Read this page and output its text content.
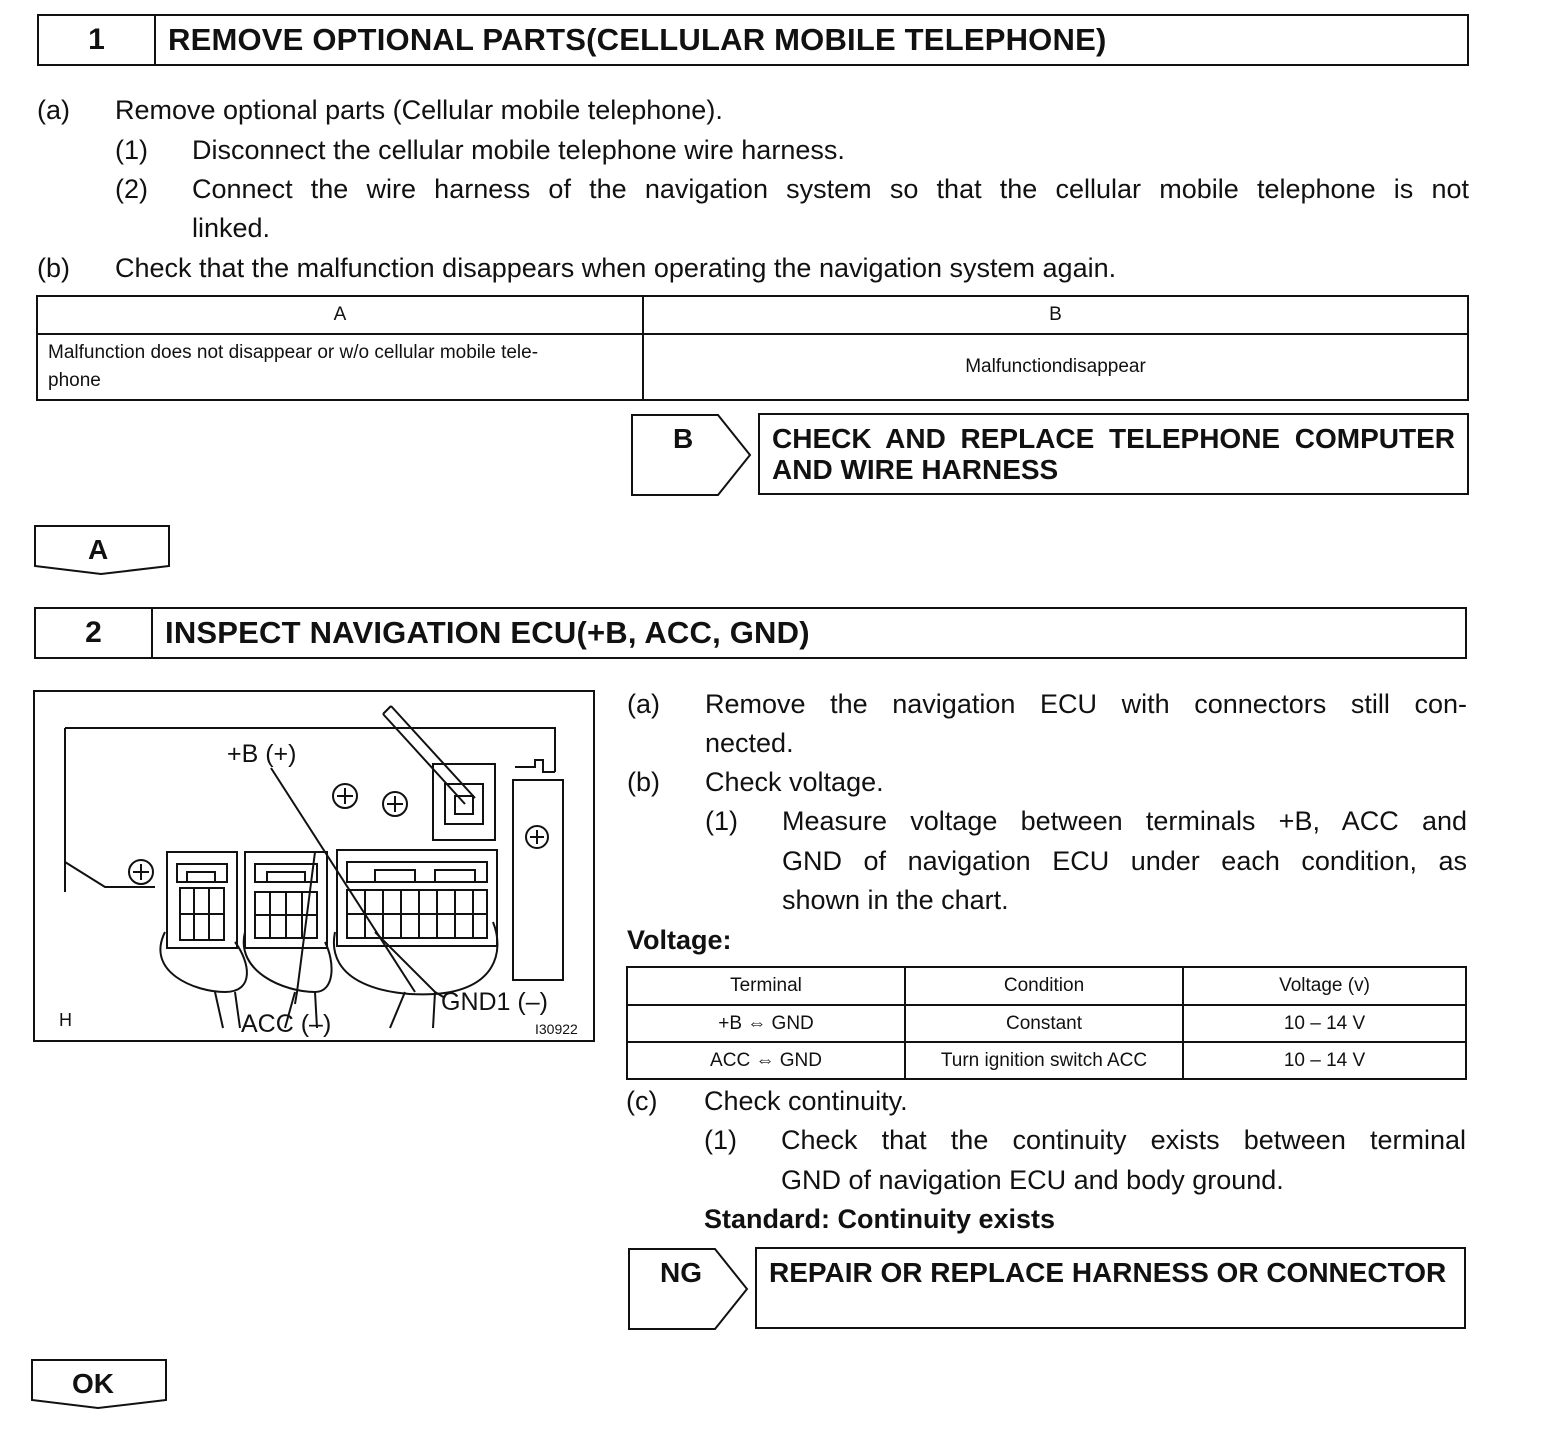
1	REMOVE OPTIONAL PARTS(CELLULAR MOBILE TELEPHONE)
(a) Remove optional parts (Cellular mobile telephone).
(1) Disconnect the cellular mobile telephone wire harness.
(2) Connect the wire harness of the navigation system so that the cellular mobile telephone is not
linked.
(b) Check that the malfunction disappears when operating the navigation system again.
A	B

Malfunction does not disappear or w/o cellular mobile tele-
phone	Malfunctiondisappear
B	CHECK AND REPLACE TELEPHONE COMPUTER AND WIRE HARNESS
A
2	INSPECT NAVIGATION ECU(+B, ACC, GND)
+B (+)
ACC (–)
GND1 (–)
H	I30922
(a) Remove the navigation ECU with connectors still con-
nected.
(b) Check voltage.
(1) Measure voltage between terminals +B, ACC and
GND of navigation ECU under each condition, as
shown in the chart.
Voltage:
Terminal	Condition	Voltage (v)
+B ⇔ GND	Constant	10 – 14 V
ACC ⇔ GND	Turn ignition switch ACC	10 – 14 V
(c) Check continuity.
(1) Check that the continuity exists between terminal
GND of navigation ECU and body ground.
Standard: Continuity exists
NG	REPAIR OR REPLACE HARNESS OR CONNECTOR
OK
